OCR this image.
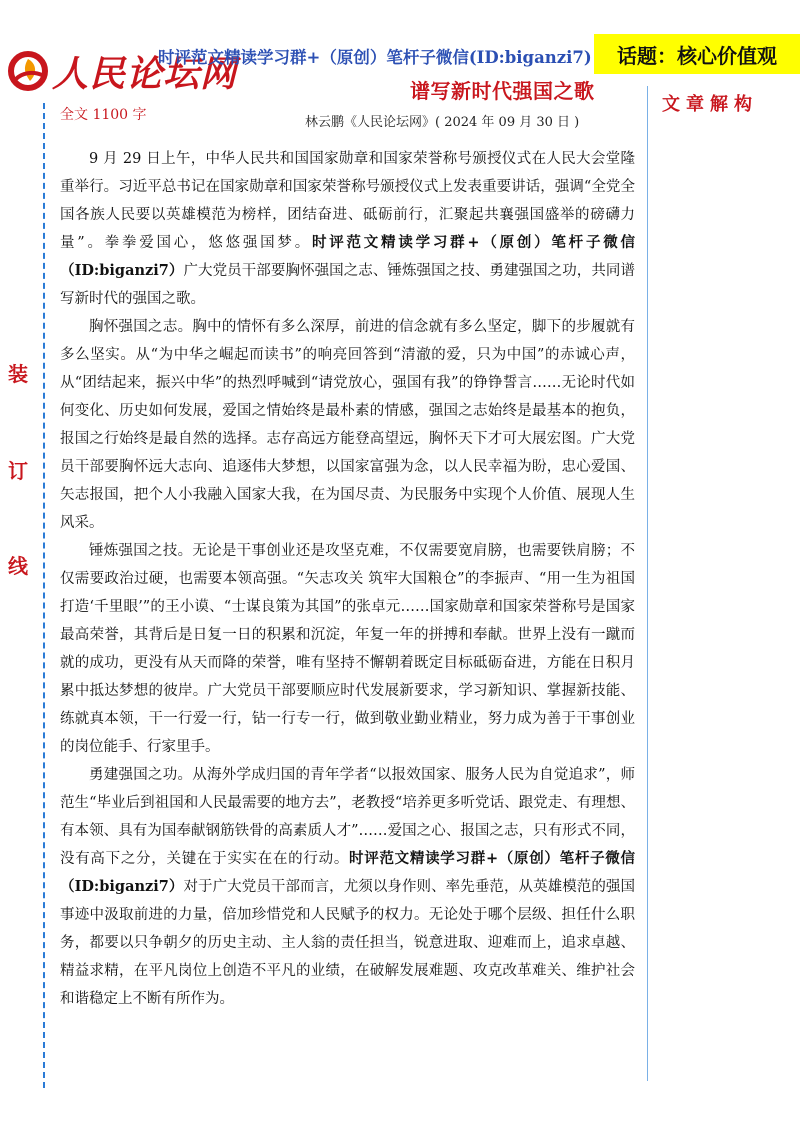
人民论坛网
时评范文精读学习群+（原创）笔杆子微信(ID:biganzi7) 话题：核心价值观
谱写新时代强国之歌
文章解构
全文 1100 字	林云鹏《人民论坛网》( 2024 年 09 月 30 日 )
装
订
线

9 月 29 日上午，中华人民共和国国家勋章和国家荣誉称号颁授仪式在人民大会堂隆重举行。习近平总书记在国家勋章和国家荣誉称号颁授仪式上发表重要讲话，强调“全党全国各族人民要以英雄模范为榜样，团结奋进、砥砺前行，汇聚起共襄强国盛举的磅礴力量”。拳拳爱国心，悠悠强国梦。时评范文精读学习群+（原创）笔杆子微信（ID:biganzi7）广大党员干部要胸怀强国之志、锤炼强国之技、勇建强国之功，共同谱写新时代的强国之歌。

胸怀强国之志。胸中的情怀有多么深厚，前进的信念就有多么坚定，脚下的步履就有多么坚实。从“为中华之崛起而读书”的响亮回答到“清澈的爱，只为中国”的赤诚心声，从“团结起来，振兴中华”的热烈呼喊到“请党放心，强国有我”的铮铮誓言……无论时代如何变化、历史如何发展，爱国之情始终是最朴素的情感，强国之志始终是最基本的抱负，报国之行始终是最自然的选择。志存高远方能登高望远，胸怀天下才可大展宏图。广大党员干部要胸怀远大志向、追逐伟大梦想，以国家富强为念，以人民幸福为盼，忠心爱国、矢志报国，把个人小我融入国家大我，在为国尽责、为民服务中实现个人价值、展现人生风采。

锤炼强国之技。无论是干事创业还是攻坚克难，不仅需要宽肩膀，也需要铁肩膀；不仅需要政治过硬，也需要本领高强。“矢志攻关 筑牢大国粮仓”的李振声、“用一生为祖国打造‘千里眼’”的王小谟、“士谋良策为其国”的张卓元……国家勋章和国家荣誉称号是国家最高荣誉，其背后是日复一日的积累和沉淀，年复一年的拼搏和奉献。世界上没有一蹴而就的成功，更没有从天而降的荣誉，唯有坚持不懈朝着既定目标砥砺奋进，方能在日积月累中抵达梦想的彼岸。广大党员干部要顺应时代发展新要求，学习新知识、掌握新技能、练就真本领，干一行爱一行，钻一行专一行，做到敬业勤业精业，努力成为善于干事创业的岗位能手、行家里手。

勇建强国之功。从海外学成归国的青年学者“以报效国家、服务人民为自觉追求”，师范生“毕业后到祖国和人民最需要的地方去”，老教授“培养更多听党话、跟党走、有理想、有本领、具有为国奉献钢筋铁骨的高素质人才”……爱国之心、报国之志，只有形式不同，没有高下之分，关键在于实实在在的行动。时评范文精读学习群+（原创）笔杆子微信（ID:biganzi7）对于广大党员干部而言，尤须以身作则、率先垂范，从英雄模范的强国事迹中汲取前进的力量，倍加珍惜党和人民赋予的权力。无论处于哪个层级、担任什么职务，都要以只争朝夕的历史主动、主人翁的责任担当，锐意进取、迎难而上，追求卓越、精益求精，在平凡岗位上创造不平凡的业绩，在破解发展难题、攻克改革难关、维护社会和谐稳定上不断有所作为。
